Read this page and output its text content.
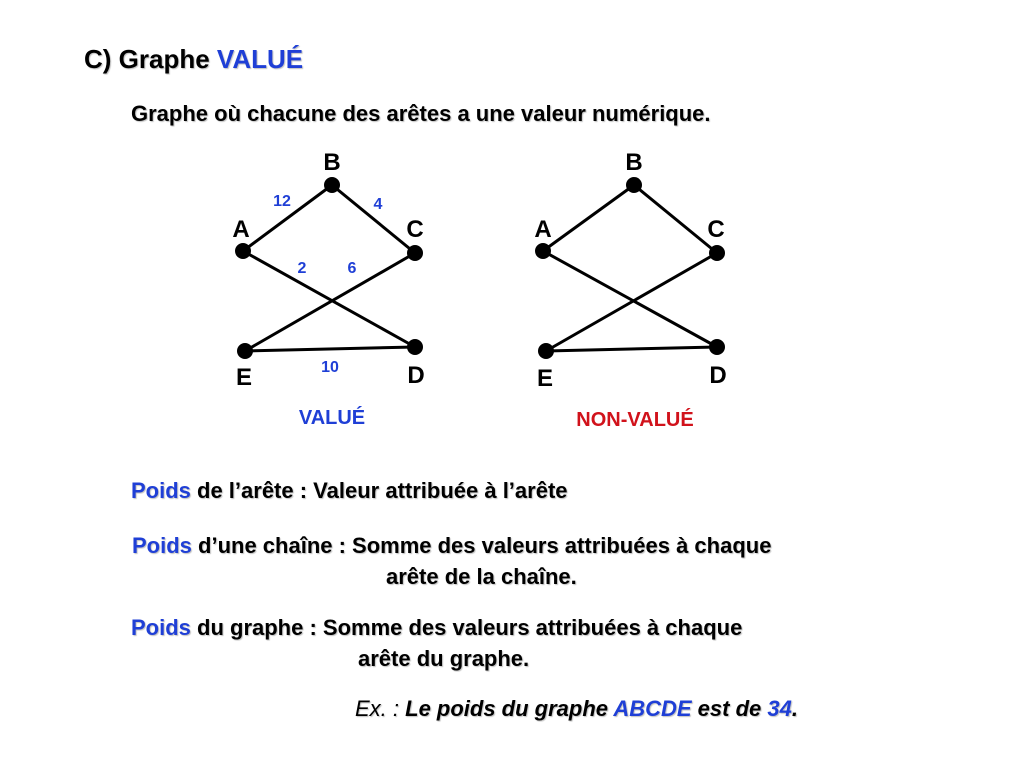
C) Graphe VALUÉ
Graphe où chacune des arêtes a une valeur numérique.
B
A	C
E	D
12	4
2	6
10
VALUÉ
B
A	C
E	D
NON-VALUÉ
Poids de l’arête : Valeur attribuée à l’arête
Poids d’une chaîne : Somme des valeurs attribuées à chaque
arête de la chaîne.
Poids du graphe : Somme des valeurs attribuées à chaque
arête du graphe.
Ex. : Le poids du graphe ABCDE est de 34.
